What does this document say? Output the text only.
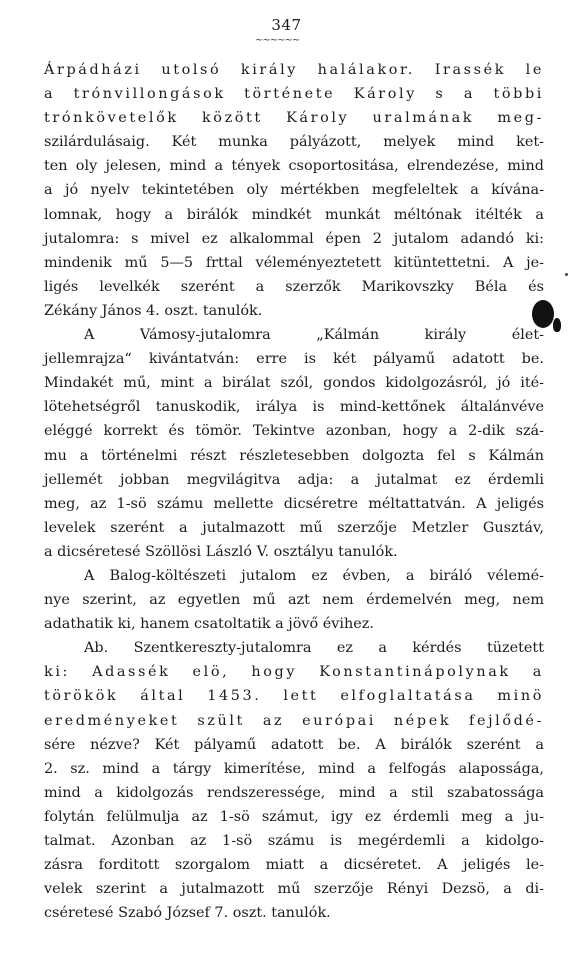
347
~~~~~~
Árpádházi utolsó király halálakor. Irassék le
a trónvillongások története Károly s a többi
trónkövetelők között Károly uralmának meg-
szilárdulásaig. Két munka pályázott, melyek mind ket-
ten oly jelesen, mind a tények csoportositása, elrendezése, mind
a jó nyelv tekintetében oly mértékben megfeleltek a kívána-
lomnak, hogy a birálók mindkét munkát méltónak itélték a
jutalomra: s mivel ez alkalommal épen 2 jutalom adandó ki:
mindenik mű 5—5 frttal véleményeztetett kitüntettetni. A je-
ligés levelkék szerént a szerzők Marikovszky Béla és
Zékány János 4. oszt. tanulók.
A Vámosy-jutalomra „Kálmán király élet-
jellemrajza“ kivántatván: erre is két pályamű adatott be.
Mindakét mű, mint a birálat szól, gondos kidolgozásról, jó ité-
lötehetségről tanuskodik, irálya is mind-kettőnek általánvéve
eléggé korrekt és tömör. Tekintve azonban, hogy a 2-dik szá-
mu a történelmi részt részletesebben dolgozta fel s Kálmán
jellemét jobban megvilágitva adja: a jutalmat ez érdemli
meg, az 1-sö számu mellette dicséretre méltattatván. A jeligés
levelek szerént a jutalmazott mű szerzője Metzler Gusztáv,
a dicséretesé Szöllösi László V. osztályu tanulók.
A Balog-költészeti jutalom ez évben, a biráló vélemé-
nye szerint, az egyetlen mű azt nem érdemelvén meg, nem
adathatik ki, hanem csatoltatik a jövő évihez.
Ab. Szentkereszty-jutalomra ez a kérdés tüzetett
ki: Adassék elö, hogy Konstantinápolynak a
törökök által 1453. lett elfoglaltatása minö
eredményeket szült az európai népek fejlődé-
sére nézve? Két pályamű adatott be. A birálók szerént a
2. sz. mind a tárgy kimerítése, mind a felfogás alapossága,
mind a kidolgozás rendszeressége, mind a stil szabatossága
folytán felülmulja az 1-sö számut, igy ez érdemli meg a ju-
talmat. Azonban az 1-sö számu is megérdemli a kidolgo-
zásra forditott szorgalom miatt a dicséretet. A jeligés le-
velek szerint a jutalmazott mű szerzője Rényi Dezsö, a di-
cséretesé Szabó József 7. oszt. tanulók.
